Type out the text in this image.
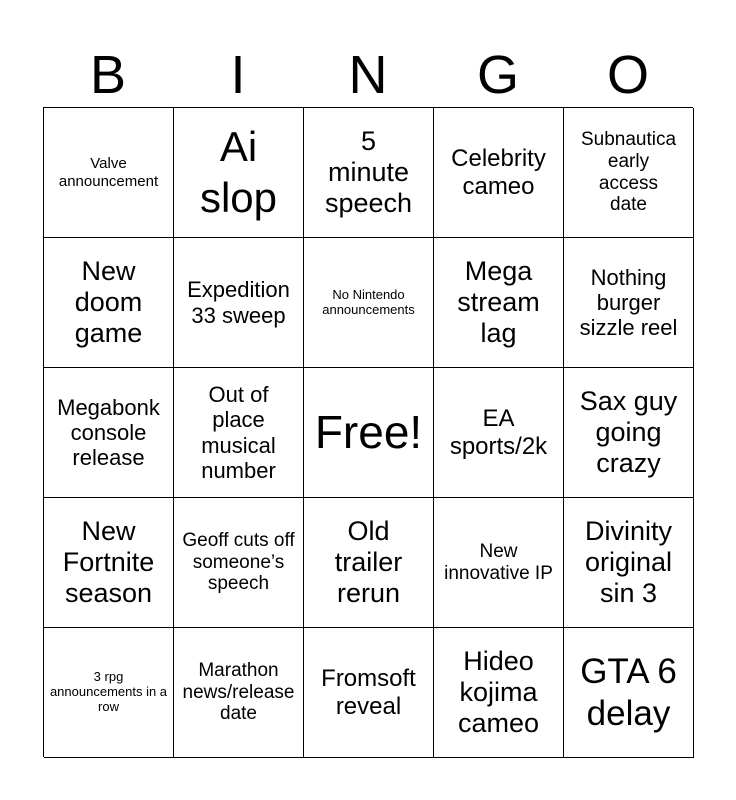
B	I	N	G	O
Valve announcement
Ai slop
5 minute speech
Celebrity cameo
Subnautica early access date
New doom game
Expedition 33 sweep
No Nintendo announcements
Mega stream lag
Nothing burger sizzle reel
Megabonk console release
Out of place musical number
Free!	EA sports/2k
Sax guy going crazy
New Fortnite season
Geoff cuts off someone’s speech
Old trailer rerun
New innovative IP
Divinity original sin 3
3 rpg announcements in a row
Marathon news/release date
Fromsoft reveal
Hideo kojima cameo
GTA 6 delay
